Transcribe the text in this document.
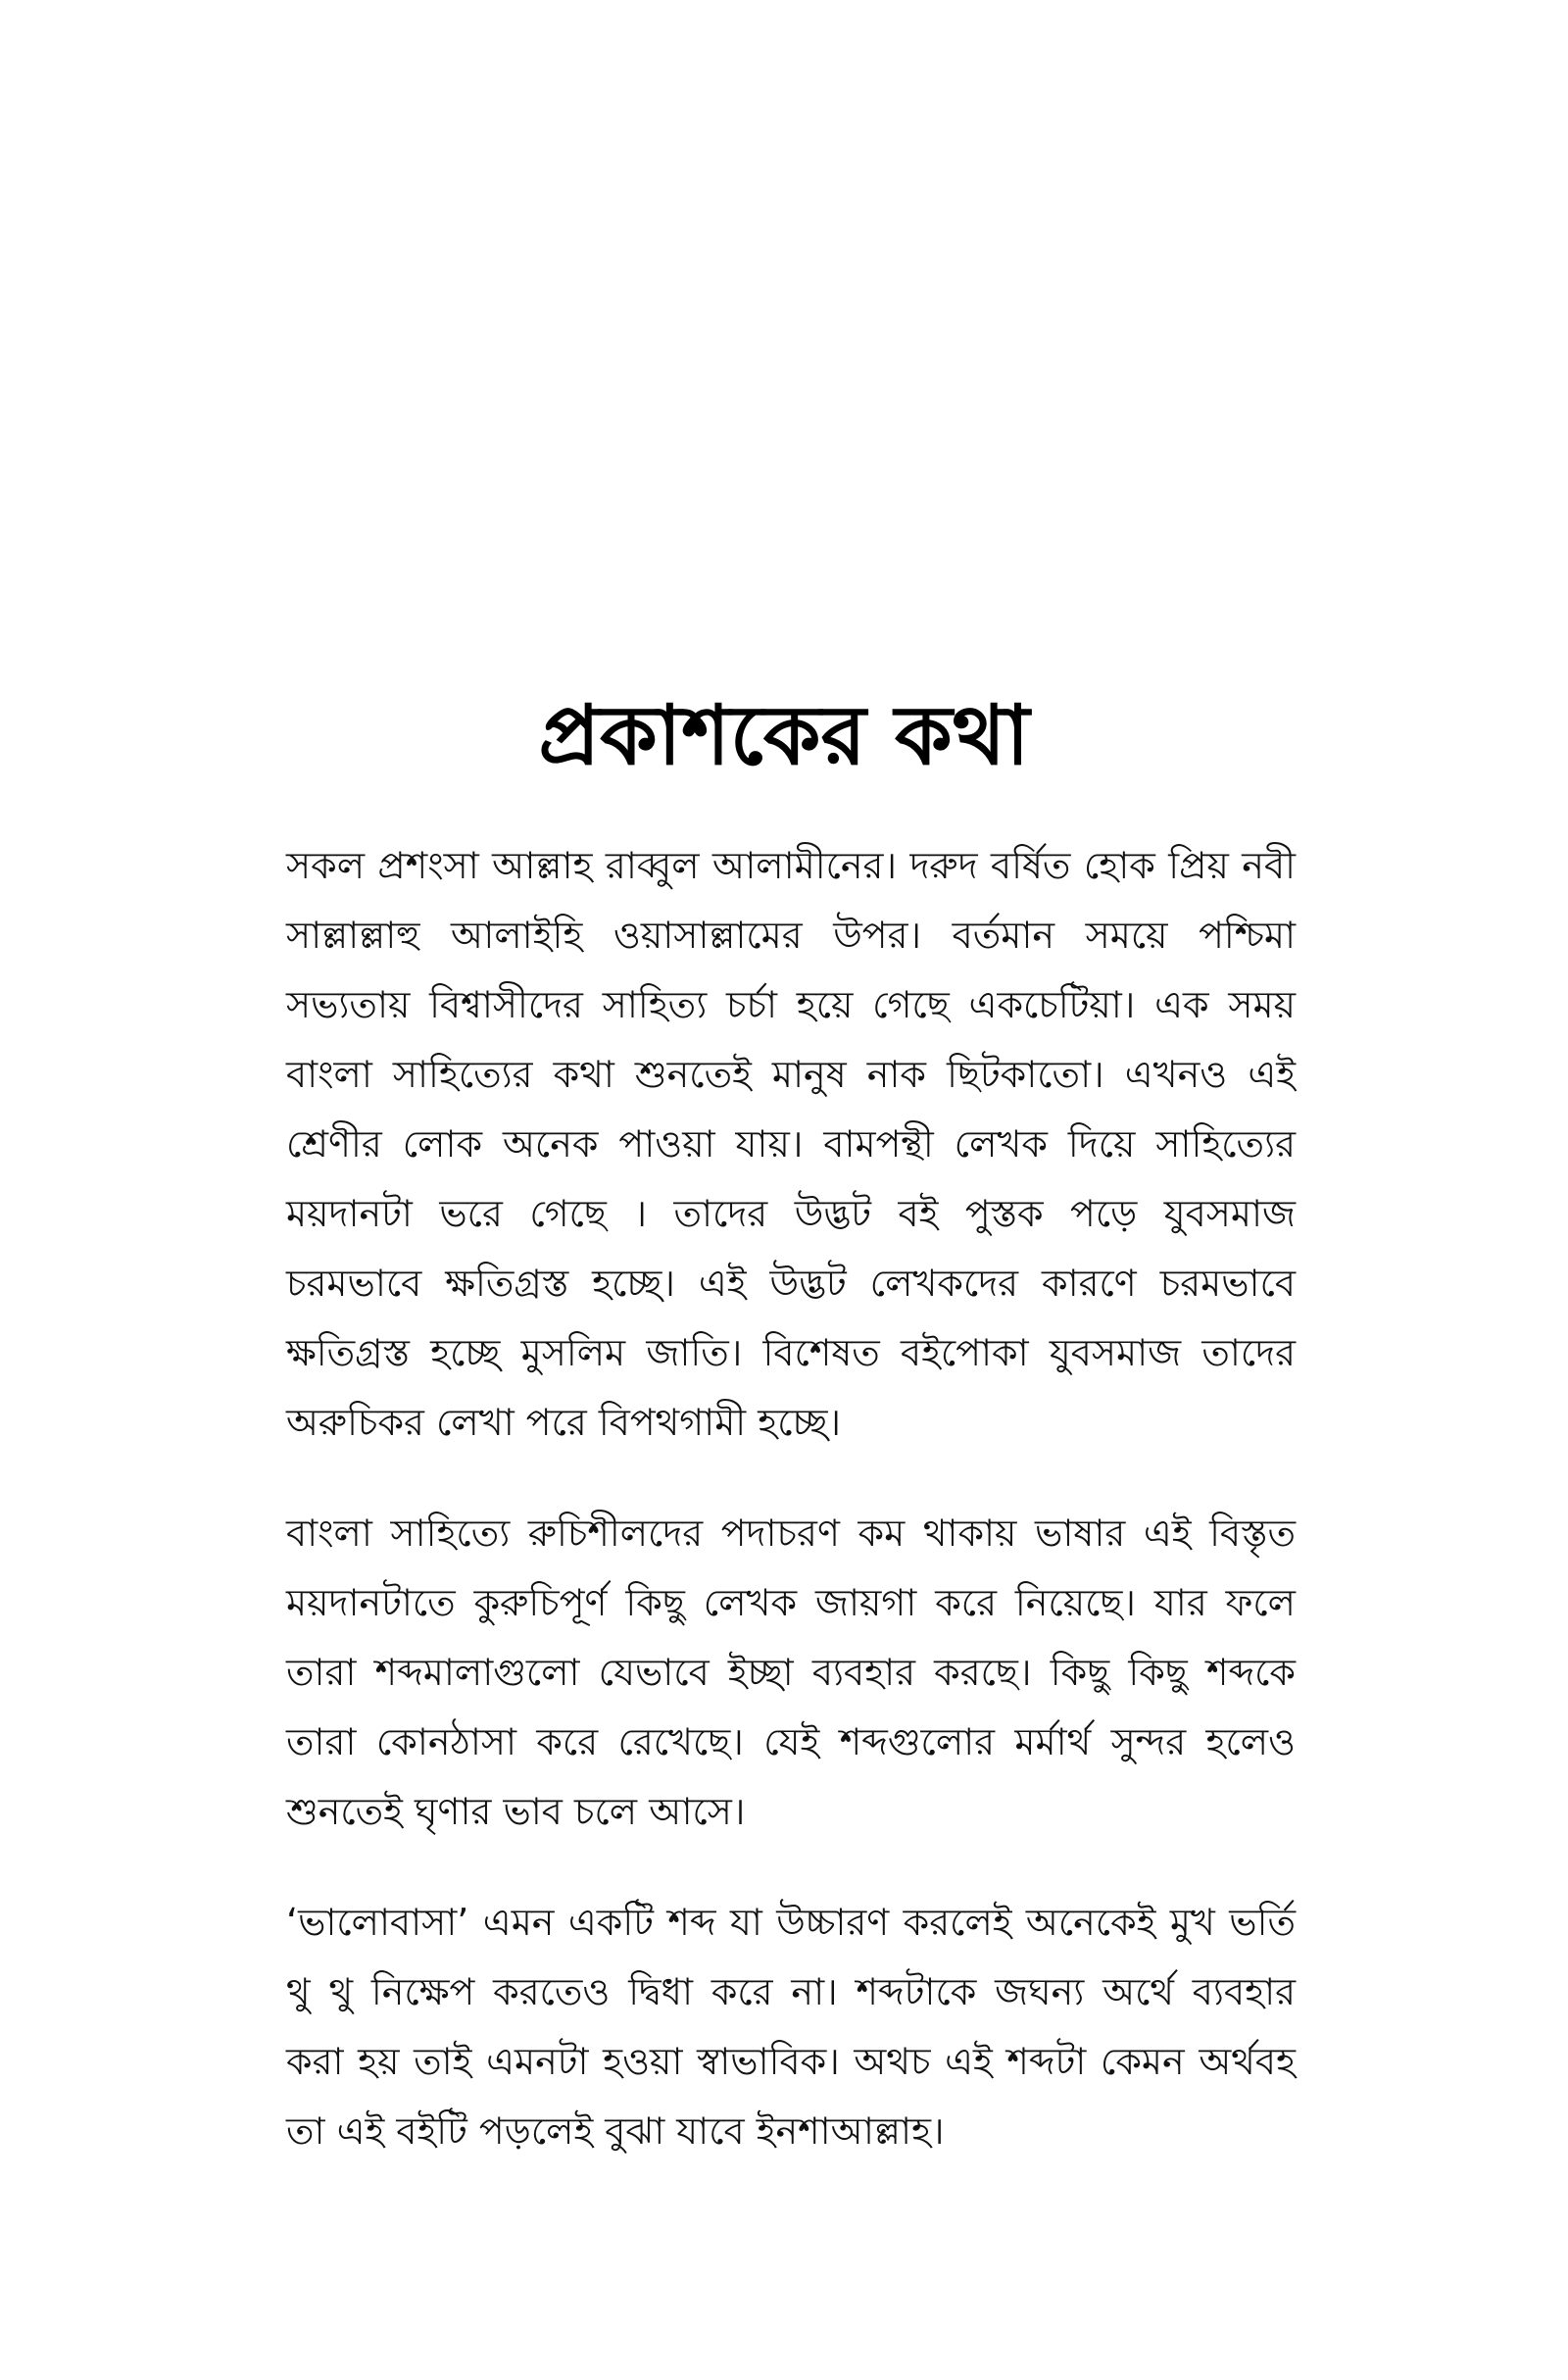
প্রকাশকের কথা

সকল প্রশংসা আল্লাহ রাব্বুল আলামীনের। দরুদ বর্ষিত হোক প্রিয় নবী সাল্লাল্লাহু আলাইহি ওয়াসাল্লামের উপর। বর্তমান সময়ে পশ্চিমা সভ্যতায় বিশ্বাসীদের সাহিত্য চর্চা হয়ে গেছে একচেটিয়া। এক সময় বাংলা সাহিত্যের কথা শুনতেই মানুষ নাক ছিটকাতো। এখনও এই শ্রেণীর লোক অনেক পাওয়া যায়। বামপন্থী লেখক দিয়ে সাহিত্যের ময়দানটা ভরে গেছে । তাদের উদ্ভট বই পুস্তক পড়ে যুবসমাজ চরমভাবে ক্ষতিগ্রস্ত হচ্ছে। এই উদ্ভট লেখকদের কারণে চরমভাবে ক্ষতিগ্রস্ত হচ্ছে মুসলিম জাতি। বিশেষত বইপোকা যুবসমাজ তাদের অরুচিকর লেখা পরে বিপথগামী হচ্ছে।

বাংলা সাহিত্যে রুচিশীলদের পদাচরণ কম থাকায় ভাষার এই বিস্তৃত ময়দানটাতে কুরুচিপূর্ণ কিছু লেখক জায়গা করে নিয়েছে। যার ফলে তারা শব্দমালাগুলো যেভাবে ইচ্ছা ব্যবহার করছে। কিছু কিছু শব্দকে তারা কোনঠাসা করে রেখেছে। যেই শব্দগুলোর মর্মার্থ সুন্দর হলেও শুনতেই ঘৃণার ভাব চলে আসে।

‘ভালোবাসা’ এমন একটি শব্দ যা উচ্চারণ করলেই অনেকেই মুখ ভর্তি থু থু নিক্ষেপ করতেও দ্বিধা করে না। শব্দটাকে জঘন্য অর্থে ব্যবহার করা হয় তাই এমনটা হওয়া স্বাভাবিক। অথচ এই শব্দটা কেমন অর্থবহ তা এই বইটি পড়লেই বুঝা যাবে ইনশাআল্লাহ।
